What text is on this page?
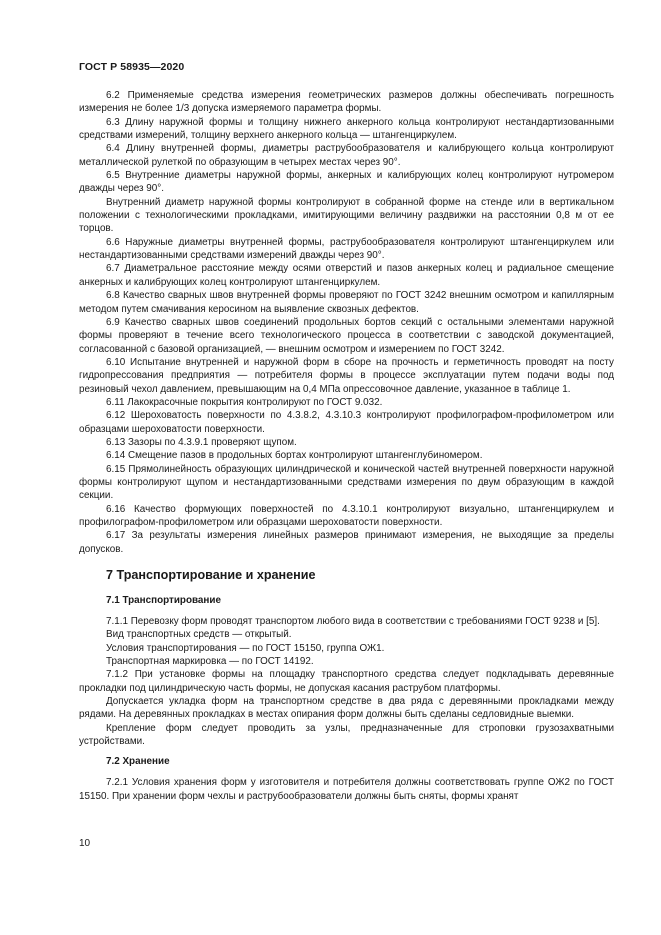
ГОСТ Р 58935—2020

6.2 Применяемые средства измерения геометрических размеров должны обеспечивать погрешность измерения не более 1/3 допуска измеряемого параметра формы.

6.3 Длину наружной формы и толщину нижнего анкерного кольца контролируют нестандартизованными средствами измерений, толщину верхнего анкерного кольца — штангенциркулем.

6.4 Длину внутренней формы, диаметры раструбообразователя и калибрующего кольца контролируют металлической рулеткой по образующим в четырех местах через 90°.

6.5 Внутренние диаметры наружной формы, анкерных и калибрующих колец контролируют нутромером дважды через 90°.

Внутренний диаметр наружной формы контролируют в собранной форме на стенде или в вертикальном положении с технологическими прокладками, имитирующими величину раздвижки на расстоянии 0,8 м от ее торцов.

6.6 Наружные диаметры внутренней формы, раструбообразователя контролируют штангенциркулем или нестандартизованными средствами измерений дважды через 90°.

6.7 Диаметральное расстояние между осями отверстий и пазов анкерных колец и радиальное смещение анкерных и калибрующих колец контролируют штангенциркулем.

6.8 Качество сварных швов внутренней формы проверяют по ГОСТ 3242 внешним осмотром и капиллярным методом путем смачивания керосином на выявление сквозных дефектов.

6.9 Качество сварных швов соединений продольных бортов секций с остальными элементами наружной формы проверяют в течение всего технологического процесса в соответствии с заводской документацией, согласованной с базовой организацией, — внешним осмотром и измерением по ГОСТ 3242.

6.10 Испытание внутренней и наружной форм в сборе на прочность и герметичность проводят на посту гидропрессования предприятия — потребителя формы в процессе эксплуатации путем подачи воды под резиновый чехол давлением, превышающим на 0,4 МПа опрессовочное давление, указанное в таблице 1.

6.11 Лакокрасочные покрытия контролируют по ГОСТ 9.032.

6.12 Шероховатость поверхности по 4.3.8.2, 4.3.10.3 контролируют профилографом-профилометром или образцами шероховатости поверхности.

6.13 Зазоры по 4.3.9.1 проверяют щупом.

6.14 Смещение пазов в продольных бортах контролируют штангенглубиномером.

6.15 Прямолинейность образующих цилиндрической и конической частей внутренней поверхности наружной формы контролируют щупом и нестандартизованными средствами измерения по двум образующим в каждой секции.

6.16 Качество формующих поверхностей по 4.3.10.1 контролируют визуально, штангенциркулем и профилографом-профилометром или образцами шероховатости поверхности.

6.17 За результаты измерения линейных размеров принимают измерения, не выходящие за пределы допусков.

7 Транспортирование и хранение
7.1 Транспортирование

7.1.1 Перевозку форм проводят транспортом любого вида в соответствии с требованиями ГОСТ 9238 и [5].

Вид транспортных средств — открытый.

Условия транспортирования — по ГОСТ 15150, группа ОЖ1.

Транспортная маркировка — по ГОСТ 14192.

7.1.2 При установке формы на площадку транспортного средства следует подкладывать деревянные прокладки под цилиндрическую часть формы, не допуская касания раструбом платформы.

Допускается укладка форм на транспортном средстве в два ряда с деревянными прокладками между рядами. На деревянных прокладках в местах опирания форм должны быть сделаны седловидные выемки.

Крепление форм следует проводить за узлы, предназначенные для строповки грузозахватными устройствами.

7.2 Хранение

7.2.1 Условия хранения форм у изготовителя и потребителя должны соответствовать группе ОЖ2 по ГОСТ 15150. При хранении форм чехлы и раструбообразователи должны быть сняты, формы хранят

10
